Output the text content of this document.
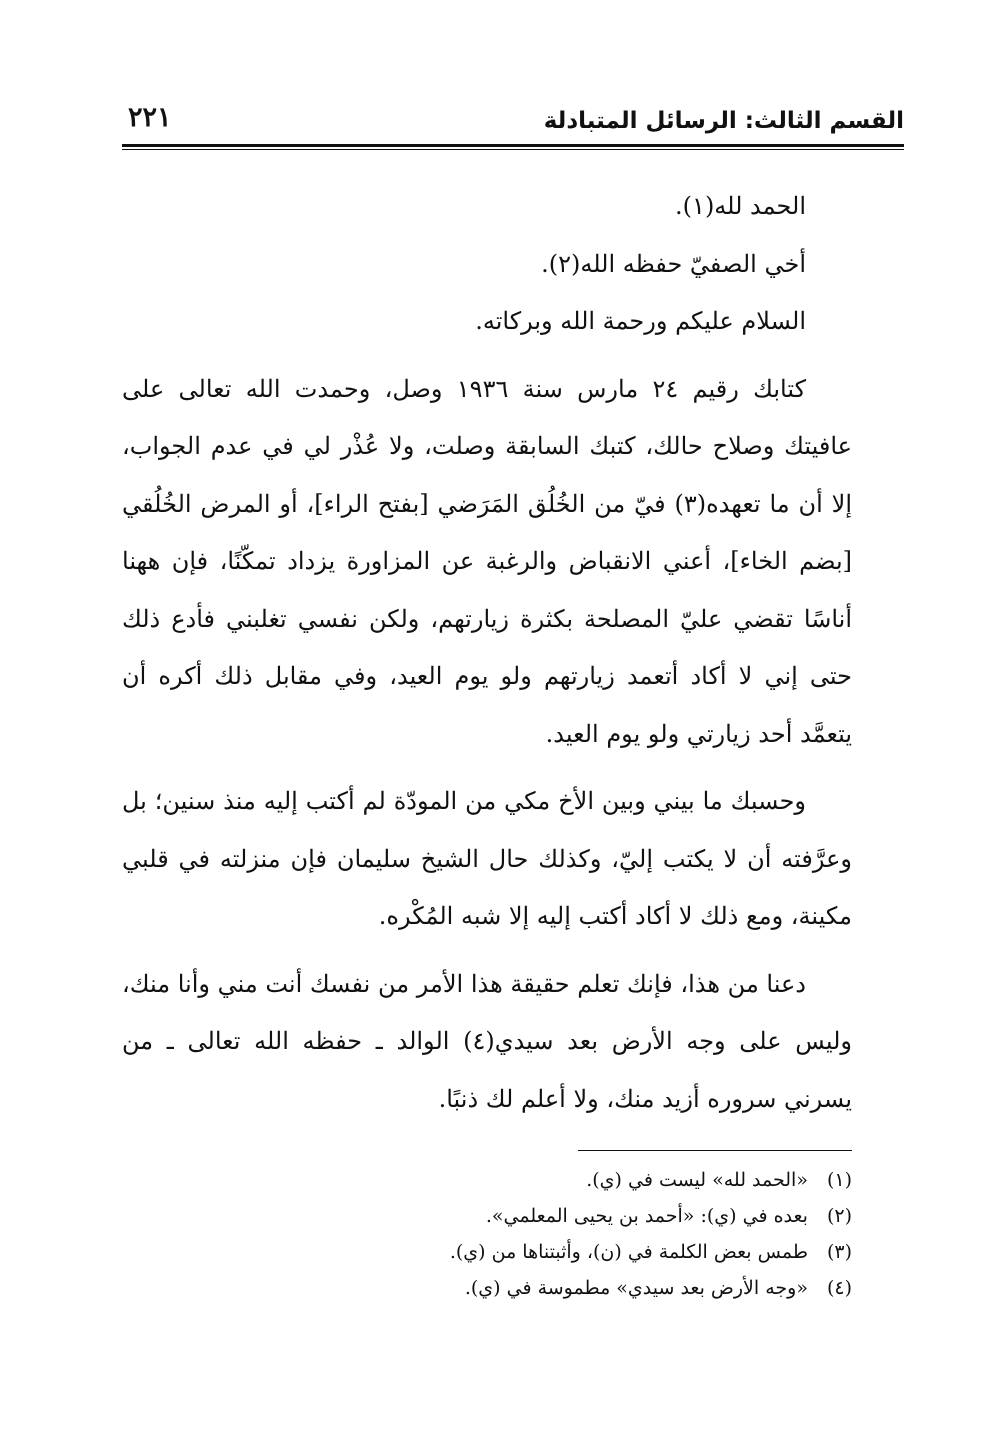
القسم الثالث: الرسائل المتبادلة
٢٢١

الحمد لله(١).

أخي الصفيّ حفظه الله(٢).

السلام عليكم ورحمة الله وبركاته.

كتابك رقيم ٢٤ مارس سنة ١٩٣٦ وصل، وحمدت الله تعالى على عافيتك وصلاح حالك، كتبك السابقة وصلت، ولا عُذْر لي في عدم الجواب، إلا أن ما تعهده(٣) فيّ من الخُلُق المَرَضي [بفتح الراء]، أو المرض الخُلُقي [بضم الخاء]، أعني الانقباض والرغبة عن المزاورة يزداد تمكّنًا، فإن ههنا أناسًا تقضي عليّ المصلحة بكثرة زيارتهم، ولكن نفسي تغلبني فأدع ذلك حتى إني لا أكاد أتعمد زيارتهم ولو يوم العيد، وفي مقابل ذلك أكره أن يتعمَّد أحد زيارتي ولو يوم العيد.

وحسبك ما بيني وبين الأخ مكي من المودّة لم أكتب إليه منذ سنين؛ بل وعرَّفته أن لا يكتب إليّ، وكذلك حال الشيخ سليمان فإن منزلته في قلبي مكينة، ومع ذلك لا أكاد أكتب إليه إلا شبه المُكْره.

دعنا من هذا، فإنك تعلم حقيقة هذا الأمر من نفسك أنت مني وأنا منك، وليس على وجه الأرض بعد سيدي(٤) الوالد ـ حفظه الله تعالى ـ من يسرني سروره أزيد منك، ولا أعلم لك ذنبًا.

(١) «الحمد لله» ليست في (ي).
(٢) بعده في (ي): «أحمد بن يحيى المعلمي».
(٣) طمس بعض الكلمة في (ن)، وأثبتناها من (ي).
(٤) «وجه الأرض بعد سيدي» مطموسة في (ي).
